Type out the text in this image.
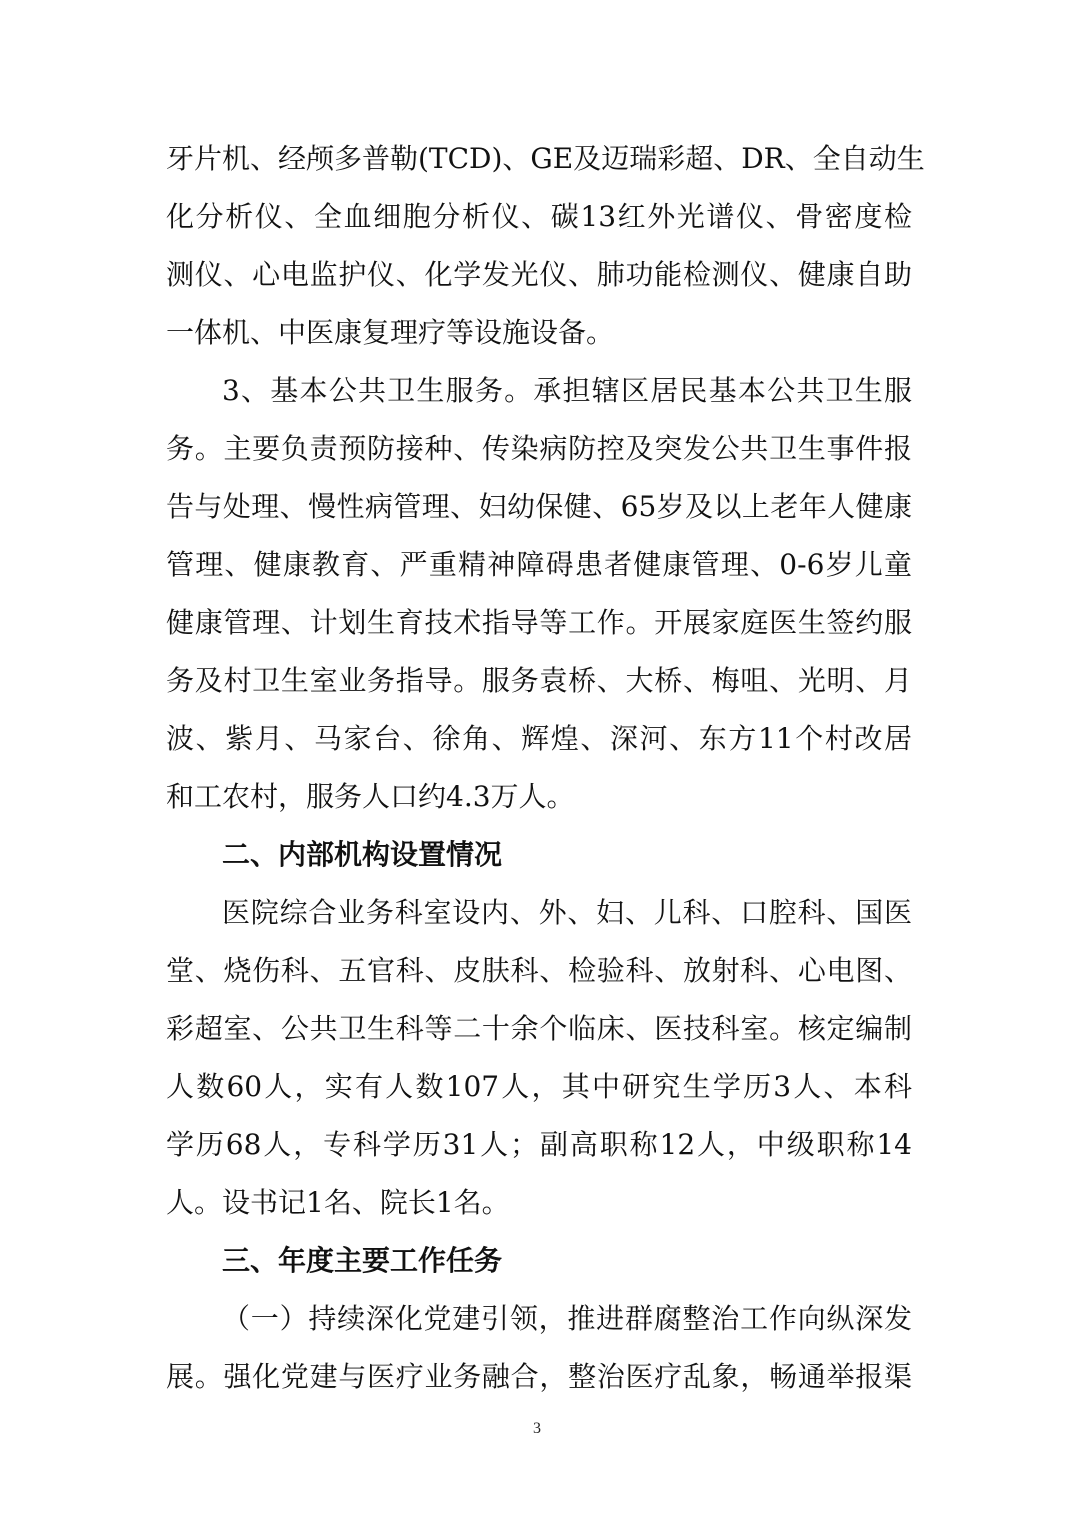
牙片机、经颅多普勒(TCD)、GE及迈瑞彩超、DR、全自动生
化分析仪、全血细胞分析仪、碳13红外光谱仪、骨密度检
测仪、心电监护仪、化学发光仪、肺功能检测仪、健康自助
一体机、中医康复理疗等设施设备。
3、基本公共卫生服务。承担辖区居民基本公共卫生服
务。主要负责预防接种、传染病防控及突发公共卫生事件报
告与处理、慢性病管理、妇幼保健、65岁及以上老年人健康
管理、健康教育、严重精神障碍患者健康管理、0-6岁儿童
健康管理、计划生育技术指导等工作。开展家庭医生签约服
务及村卫生室业务指导。服务袁桥、大桥、梅咀、光明、月
波、紫月、马家台、徐角、辉煌、深河、东方11个村改居
和工农村，服务人口约4.3万人。
二、内部机构设置情况
医院综合业务科室设内、外、妇、儿科、口腔科、国医
堂、烧伤科、五官科、皮肤科、检验科、放射科、心电图、
彩超室、公共卫生科等二十余个临床、医技科室。核定编制
人数60人，实有人数107人，其中研究生学历3人、本科
学历68人，专科学历31人；副高职称12人，中级职称14
人。设书记1名、院长1名。
三、年度主要工作任务
（一）持续深化党建引领，推进群腐整治工作向纵深发
展。强化党建与医疗业务融合，整治医疗乱象，畅通举报渠
3
